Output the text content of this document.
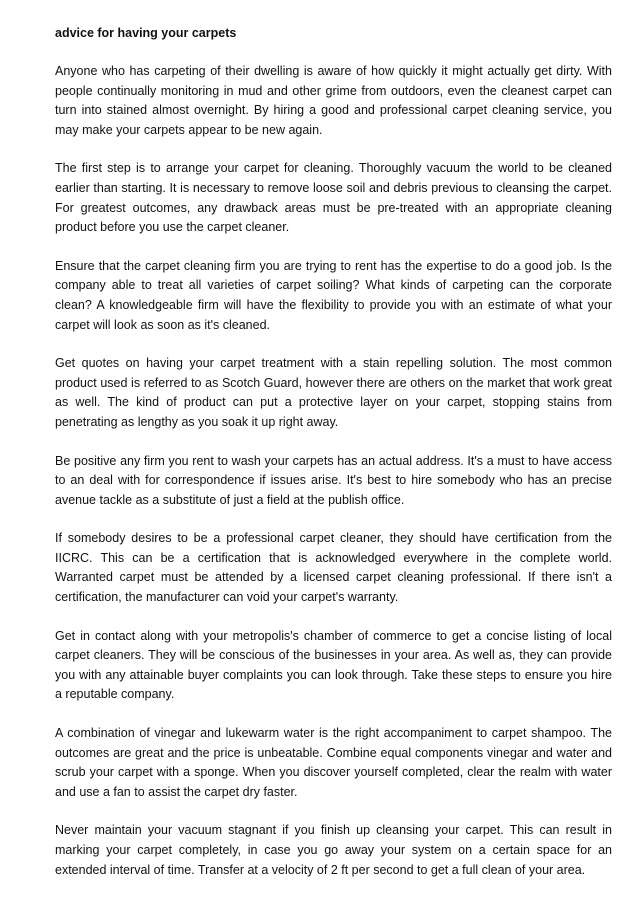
advice for having your carpets

Anyone who has carpeting of their dwelling is aware of how quickly it might actually get dirty. With people continually monitoring in mud and other grime from outdoors, even the cleanest carpet can turn into stained almost overnight. By hiring a good and professional carpet cleaning service, you may make your carpets appear to be new again.

The first step is to arrange your carpet for cleaning. Thoroughly vacuum the world to be cleaned earlier than starting. It is necessary to remove loose soil and debris previous to cleansing the carpet. For greatest outcomes, any drawback areas must be pre-treated with an appropriate cleaning product before you use the carpet cleaner.

Ensure that the carpet cleaning firm you are trying to rent has the expertise to do a good job. Is the company able to treat all varieties of carpet soiling? What kinds of carpeting can the corporate clean? A knowledgeable firm will have the flexibility to provide you with an estimate of what your carpet will look as soon as it's cleaned.

Get quotes on having your carpet treatment with a stain repelling solution. The most common product used is referred to as Scotch Guard, however there are others on the market that work great as well. The kind of product can put a protective layer on your carpet, stopping stains from penetrating as lengthy as you soak it up right away.

Be positive any firm you rent to wash your carpets has an actual address. It's a must to have access to an deal with for correspondence if issues arise. It's best to hire somebody who has an precise avenue tackle as a substitute of just a field at the publish office.

If somebody desires to be a professional carpet cleaner, they should have certification from the IICRC. This can be a certification that is acknowledged everywhere in the complete world. Warranted carpet must be attended by a licensed carpet cleaning professional. If there isn't a certification, the manufacturer can void your carpet's warranty.

Get in contact along with your metropolis's chamber of commerce to get a concise listing of local carpet cleaners. They will be conscious of the businesses in your area. As well as, they can provide you with any attainable buyer complaints you can look through. Take these steps to ensure you hire a reputable company.

A combination of vinegar and lukewarm water is the right accompaniment to carpet shampoo. The outcomes are great and the price is unbeatable. Combine equal components vinegar and water and scrub your carpet with a sponge. When you discover yourself completed, clear the realm with water and use a fan to assist the carpet dry faster.

Never maintain your vacuum stagnant if you finish up cleansing your carpet. This can result in marking your carpet completely, in case you go away your system on a certain space for an extended interval of time. Transfer at a velocity of 2 ft per second to get a full clean of your area.
